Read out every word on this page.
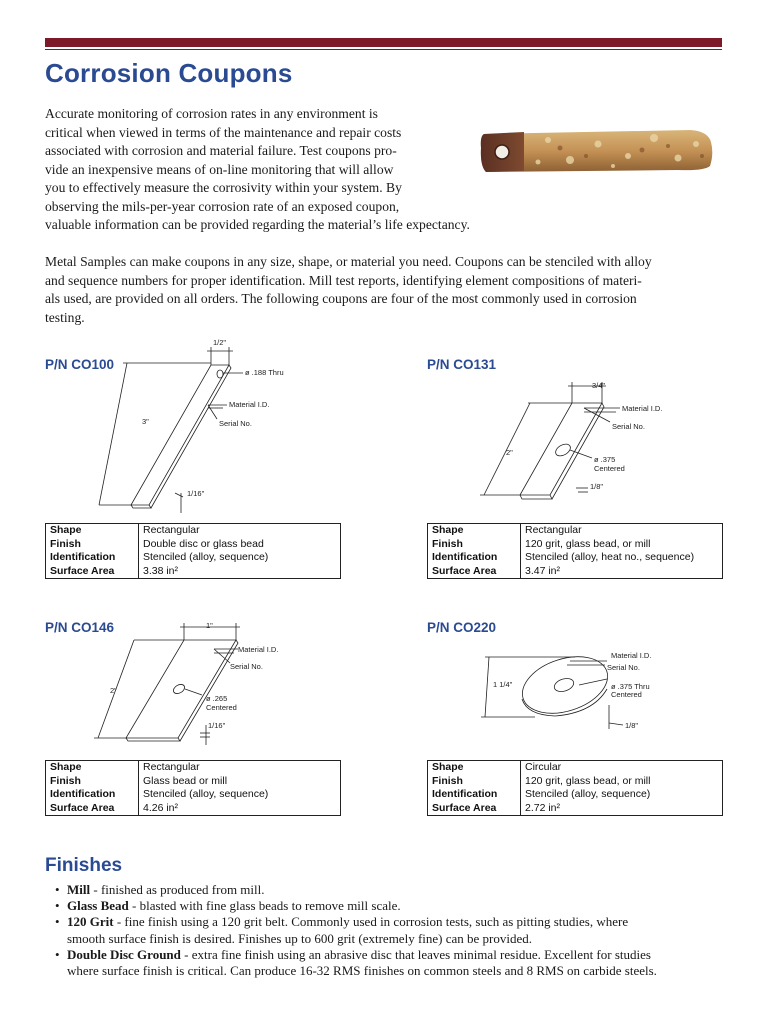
Corrosion Coupons

Accurate monitoring of corrosion rates in any environment is
critical when viewed in terms of the maintenance and repair costs
associated with corrosion and material failure. Test coupons pro-
vide an inexpensive means of on-line monitoring that will allow
you to effectively measure the corrosivity within your system. By
observing the mils-per-year corrosion rate of an exposed coupon,
valuable information can be provided regarding the material’s life expectancy.

Metal Samples can make coupons in any size, shape, or material you need. Coupons can be stenciled with alloy
and sequence numbers for proper identification. Mill test reports, identifying element compositions of materi-
als used, are provided on all orders. The following coupons are four of the most commonly used in corrosion
testing.

P/N CO100
1/2"
ø .188 Thru
Material I.D.
Serial No.
3"
1/16"
Shape	Rectangular
Finish	Double disc or glass bead
Identification	Stenciled (alloy, sequence)
Surface Area	3.38 in²
P/N CO131
3/4"
Material I.D.
Serial No.
2"
ø .375
Centered
1/8"
Shape	Rectangular
Finish	120 grit, glass bead, or mill
Identification	Stenciled (alloy, heat no., sequence)
Surface Area	3.47 in²
P/N CO146	1"
Material I.D.
Serial No.
2"
ø .265
Centered
1/16"
Shape	Rectangular
Finish	Glass bead or mill
Identification	Stenciled (alloy, sequence)
Surface Area	4.26 in²
P/N CO220
Material I.D.
Serial No.
1 1/4"	ø .375 Thru
Centered
1/8"
Shape	Circular
Finish	120 grit, glass bead, or mill
Identification	Stenciled (alloy, sequence)
Surface Area	2.72 in²
Finishes
• Mill - finished as produced from mill.
• Glass Bead - blasted with fine glass beads to remove mill scale.
• 120 Grit - fine finish using a 120 grit belt. Commonly used in corrosion tests, such as pitting studies, where
smooth surface finish is desired. Finishes up to 600 grit (extremely fine) can be provided.
• Double Disc Ground - extra fine finish using an abrasive disc that leaves minimal residue. Excellent for studies
where surface finish is critical. Can produce 16-32 RMS finishes on common steels and 8 RMS on carbide steels.
